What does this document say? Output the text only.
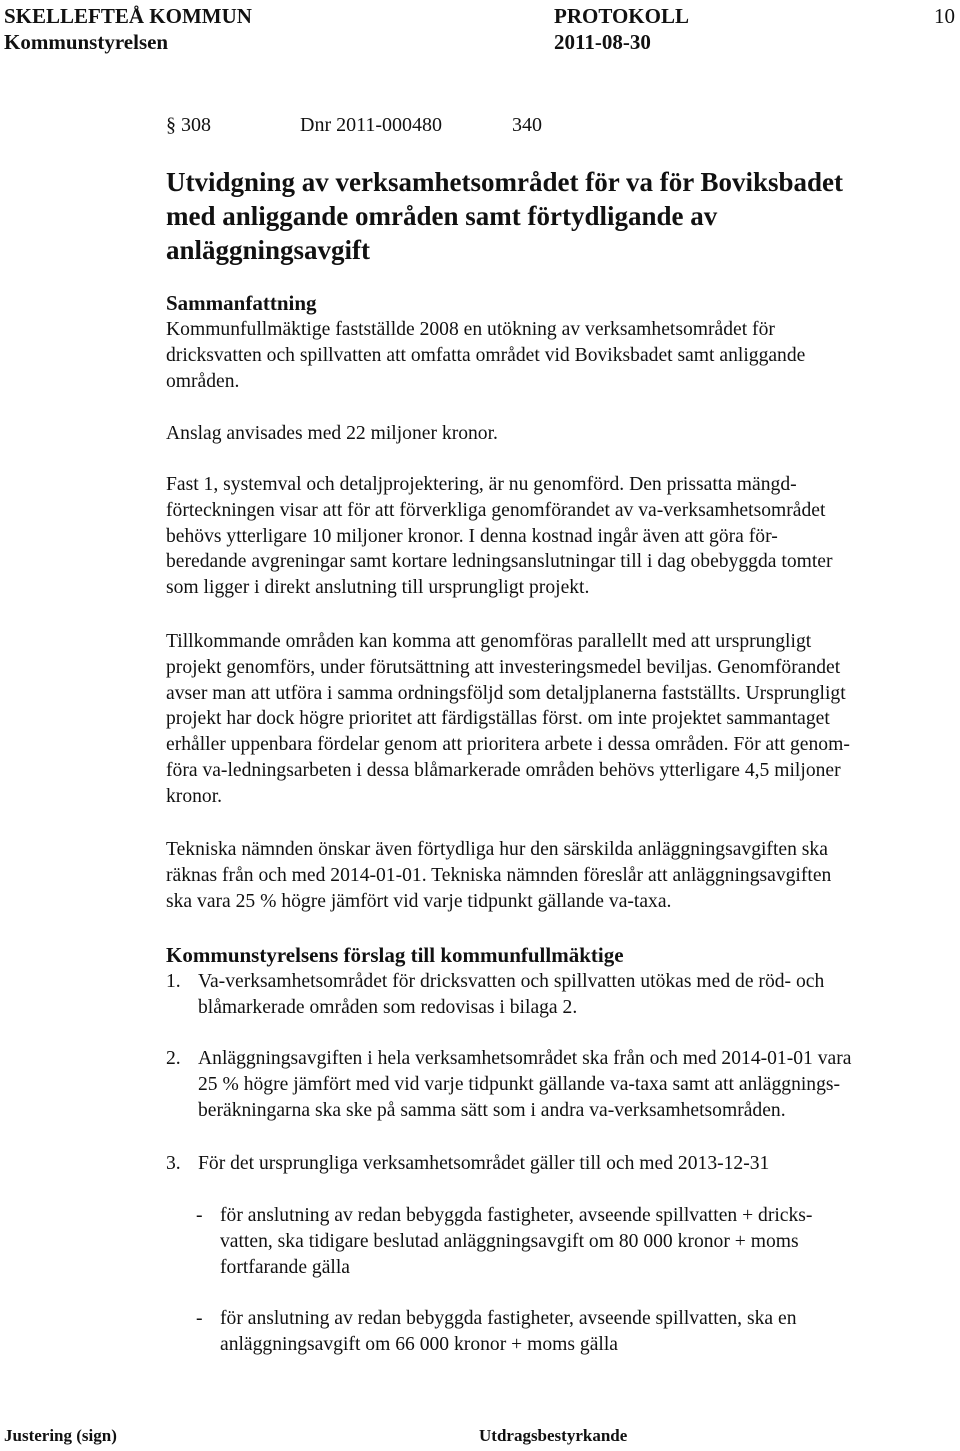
SKELLEFTEÅ KOMMUN	PROTOKOLL	10
Kommunstyrelsen	2011-08-30
§ 308	Dnr 2011-000480	340
Utvidgning av verksamhetsområdet för va för Boviksbadet
med anliggande områden samt förtydligande av
anläggningsavgift
Sammanfattning
Kommunfullmäktige fastställde 2008 en utökning av verksamhetsområdet för
dricksvatten och spillvatten att omfatta området vid Boviksbadet samt anliggande
områden.
Anslag anvisades med 22 miljoner kronor.
Fast 1, systemval och detaljprojektering, är nu genomförd. Den prissatta mängd-
förteckningen visar att för att förverkliga genomförandet av va-verksamhetsområdet
behövs ytterligare 10 miljoner kronor. I denna kostnad ingår även att göra för-
beredande avgreningar samt kortare ledningsanslutningar till i dag obebyggda tomter
som ligger i direkt anslutning till ursprungligt projekt.
Tillkommande områden kan komma att genomföras parallellt med att ursprungligt
projekt genomförs, under förutsättning att investeringsmedel beviljas. Genomförandet
avser man att utföra i samma ordningsföljd som detaljplanerna fastställts. Ursprungligt
projekt har dock högre prioritet att färdigställas först. om inte projektet sammantaget
erhåller uppenbara fördelar genom att prioritera arbete i dessa områden. För att genom-
föra va-ledningsarbeten i dessa blåmarkerade områden behövs ytterligare 4,5 miljoner
kronor.
Tekniska nämnden önskar även förtydliga hur den särskilda anläggningsavgiften ska
räknas från och med 2014-01-01. Tekniska nämnden föreslår att anläggningsavgiften
ska vara 25 % högre jämfört vid varje tidpunkt gällande va-taxa.
Kommunstyrelsens förslag till kommunfullmäktige
1. Va-verksamhetsområdet för dricksvatten och spillvatten utökas med de röd- och
blåmarkerade områden som redovisas i bilaga 2.
2. Anläggningsavgiften i hela verksamhetsområdet ska från och med 2014-01-01 vara
25 % högre jämfört med vid varje tidpunkt gällande va-taxa samt att anläggnings-
beräkningarna ska ske på samma sätt som i andra va-verksamhetsområden.
3. För det ursprungliga verksamhetsområdet gäller till och med 2013-12-31
- för anslutning av redan bebyggda fastigheter, avseende spillvatten + dricks-
vatten, ska tidigare beslutad anläggningsavgift om 80 000 kronor + moms
fortfarande gälla
- för anslutning av redan bebyggda fastigheter, avseende spillvatten, ska en
anläggningsavgift om 66 000 kronor + moms gälla
Justering (sign)	Utdragsbestyrkande
